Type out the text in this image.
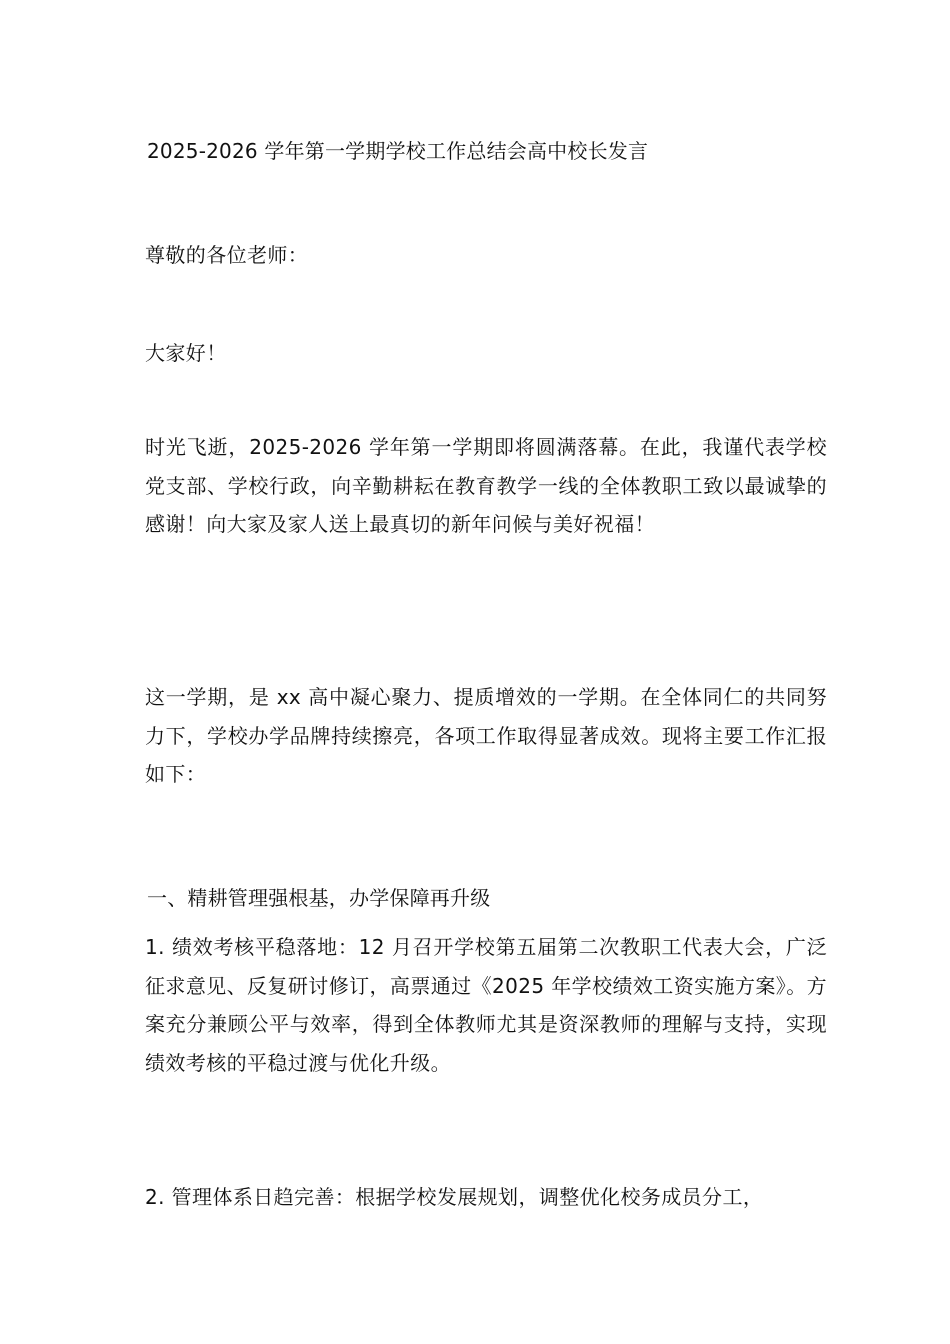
2025-2026 学年第一学期学校工作总结会高中校长发言

尊敬的各位老师：

大家好！

时光飞逝，2025-2026 学年第一学期即将圆满落幕。在此，我谨代表学校党支部、学校行政，向辛勤耕耘在教育教学一线的全体教职工致以最诚挚的感谢！向大家及家人送上最真切的新年问候与美好祝福！

这一学期，是 xx 高中凝心聚力、提质增效的一学期。在全体同仁的共同努力下，学校办学品牌持续擦亮，各项工作取得显著成效。现将主要工作汇报如下：

一、精耕管理强根基，办学保障再升级

1. 绩效考核平稳落地：12 月召开学校第五届第二次教职工代表大会，广泛征求意见、反复研讨修订，高票通过《2025 年学校绩效工资实施方案》。方案充分兼顾公平与效率，得到全体教师尤其是资深教师的理解与支持，实现绩效考核的平稳过渡与优化升级。

2. 管理体系日趋完善：根据学校发展规划，调整优化校务成员分工，
